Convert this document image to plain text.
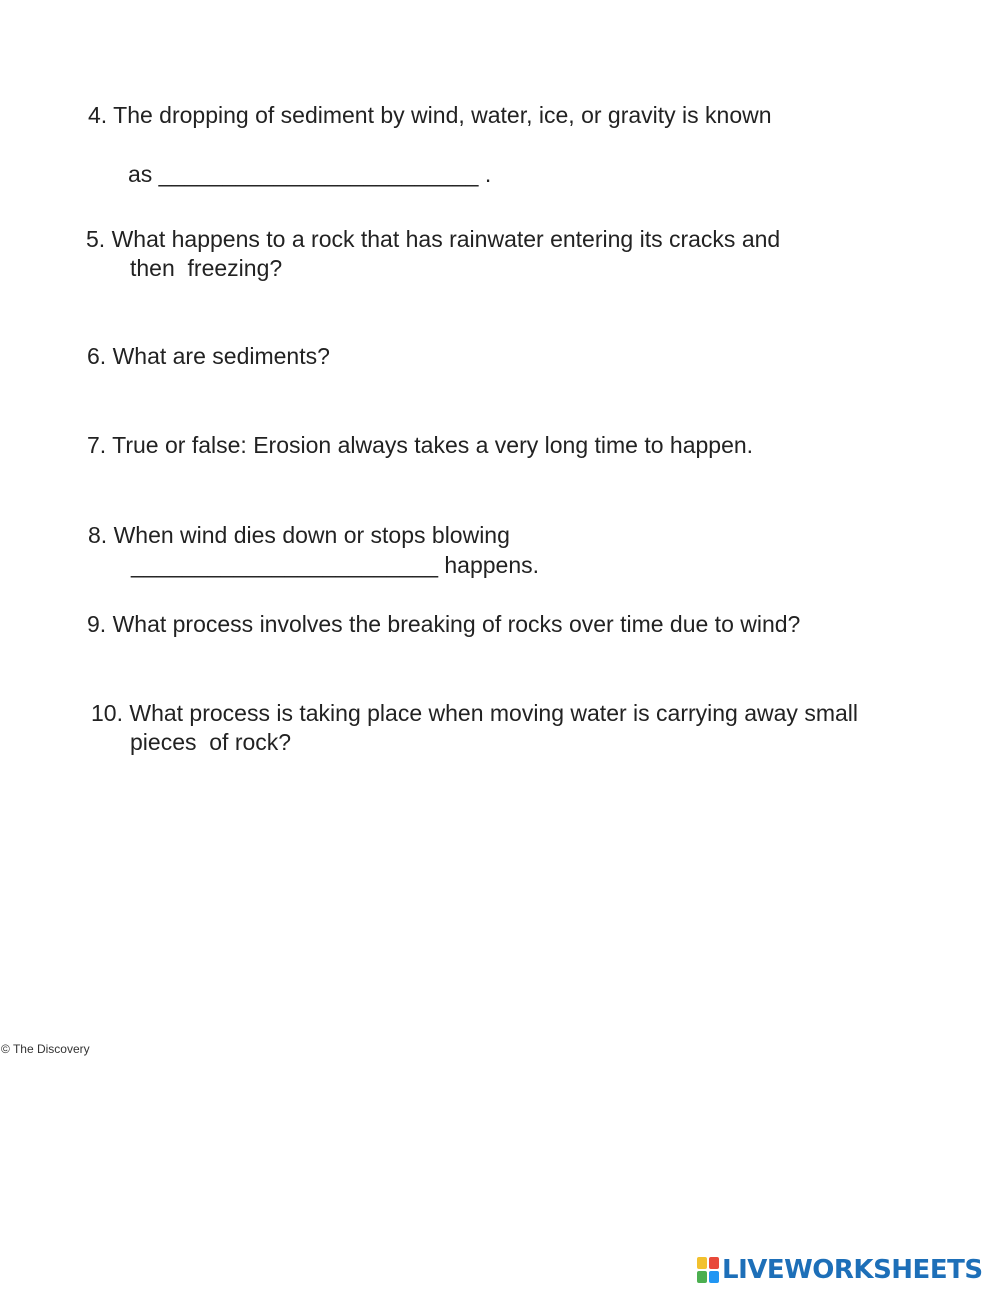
4. The dropping of sediment by wind, water, ice, or gravity is known
as _________________________ .
5. What happens to a rock that has rainwater entering its cracks and
then  freezing?
6. What are sediments?
7. True or false: Erosion always takes a very long time to happen.
8. When wind dies down or stops blowing
________________________ happens.
9. What process involves the breaking of rocks over time due to wind?
10. What process is taking place when moving water is carrying away small
pieces  of rock?
© The Discovery
LIVEWORKSHEETS
